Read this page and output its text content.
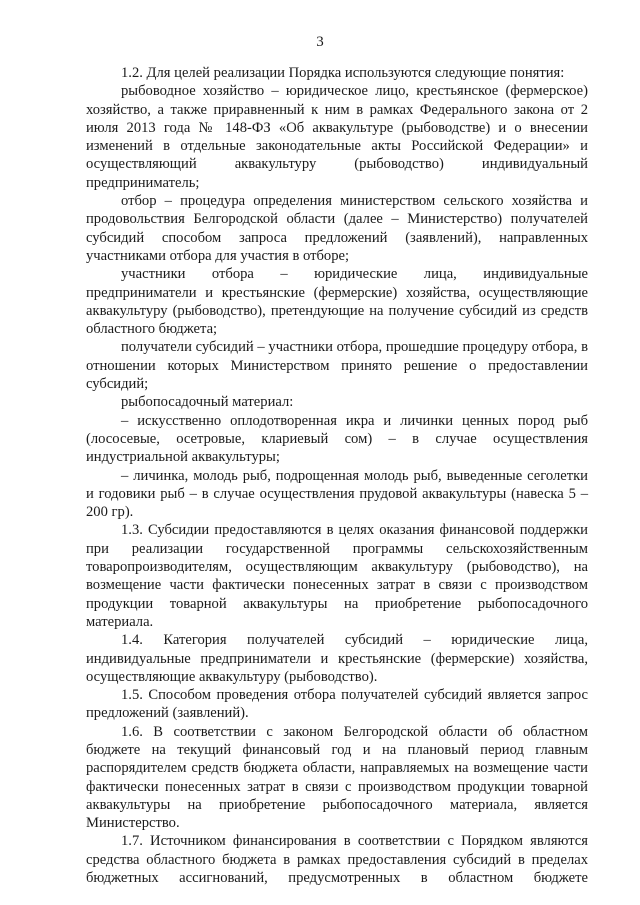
3

1.2. Для целей реализации Порядка используются следующие понятия:

рыбоводное хозяйство – юридическое лицо, крестьянское (фермерское) хозяйство, а также приравненный к ним в рамках Федерального закона от 2 июля 2013 года № 148-ФЗ «Об аквакультуре (рыбоводстве) и о внесении изменений в отдельные законодательные акты Российской Федерации» и осуществляющий аквакультуру (рыбоводство) индивидуальный предприниматель;

отбор – процедура определения министерством сельского хозяйства и продовольствия Белгородской области (далее – Министерство) получателей субсидий способом запроса предложений (заявлений), направленных участниками отбора для участия в отборе;

участники отбора – юридические лица, индивидуальные предприниматели и крестьянские (фермерские) хозяйства, осуществляющие аквакультуру (рыбоводство), претендующие на получение субсидий из средств областного бюджета;

получатели субсидий – участники отбора, прошедшие процедуру отбора, в отношении которых Министерством принято решение о предоставлении субсидий;

рыбопосадочный материал:

– искусственно оплодотворенная икра и личинки ценных пород рыб (лососевые, осетровые, клариевый сом) – в случае осуществления индустриальной аквакультуры;

– личинка, молодь рыб, подрощенная молодь рыб, выведенные сеголетки и годовики рыб – в случае осуществления прудовой аквакультуры (навеска 5 – 200 гр).

1.3. Субсидии предоставляются в целях оказания финансовой поддержки при реализации государственной программы сельскохозяйственным товаропроизводителям, осуществляющим аквакультуру (рыбоводство), на возмещение части фактически понесенных затрат в связи с производством продукции товарной аквакультуры на приобретение рыбопосадочного материала.

1.4. Категория получателей субсидий – юридические лица, индивидуальные предприниматели и крестьянские (фермерские) хозяйства, осуществляющие аквакультуру (рыбоводство).

1.5. Способом проведения отбора получателей субсидий является запрос предложений (заявлений).

1.6. В соответствии с законом Белгородской области об областном бюджете на текущий финансовый год и на плановый период главным распорядителем средств бюджета области, направляемых на возмещение части фактически понесенных затрат в связи с производством продукции товарной аквакультуры на приобретение рыбопосадочного материала, является Министерство.

1.7. Источником финансирования в соответствии с Порядком являются средства областного бюджета в рамках предоставления субсидий в пределах бюджетных ассигнований, предусмотренных в областном бюджете
